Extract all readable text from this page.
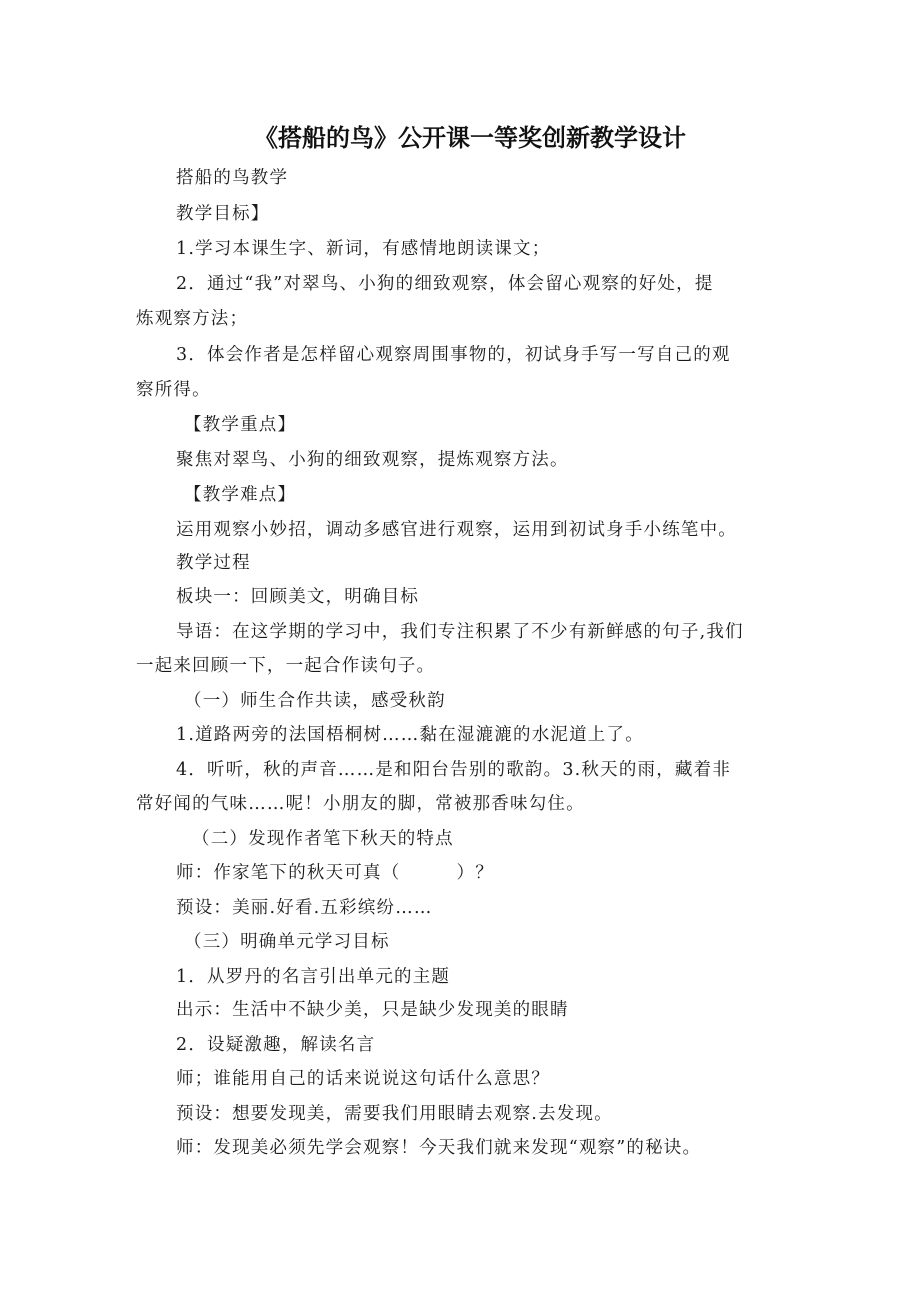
《搭船的鸟》公开课一等奖创新教学设计
搭船的鸟教学
教学目标】
1.学习本课生字、新词，有感情地朗读课文；
2．通过“我”对翠鸟、小狗的细致观察，体会留心观察的好处，提
炼观察方法；
3．体会作者是怎样留心观察周围事物的，初试身手写一写自己的观
察所得。
【教学重点】
聚焦对翠鸟、小狗的细致观察，提炼观察方法。
【教学难点】
运用观察小妙招，调动多感官进行观察，运用到初试身手小练笔中。
教学过程
板块一：回顾美文，明确目标
导语：在这学期的学习中，我们专注积累了不少有新鲜感的句子,我们
一起来回顾一下，一起合作读句子。
（一）师生合作共读，感受秋韵
1.道路两旁的法国梧桐树……黏在湿漉漉的水泥道上了。
4．听听，秋的声音……是和阳台告别的歌韵。3.秋天的雨，藏着非
常好闻的气味……呢！小朋友的脚，常被那香味勾住。
（二）发现作者笔下秋天的特点
师：作家笔下的秋天可真（　　　）？
预设：美丽.好看.五彩缤纷……
（三）明确单元学习目标
1．从罗丹的名言引出单元的主题
出示：生活中不缺少美，只是缺少发现美的眼睛
2．设疑激趣，解读名言
师；谁能用自己的话来说说这句话什么意思？
预设：想要发现美，需要我们用眼睛去观察.去发现。
师：发现美必须先学会观察！今天我们就来发现“观察”的秘诀。
